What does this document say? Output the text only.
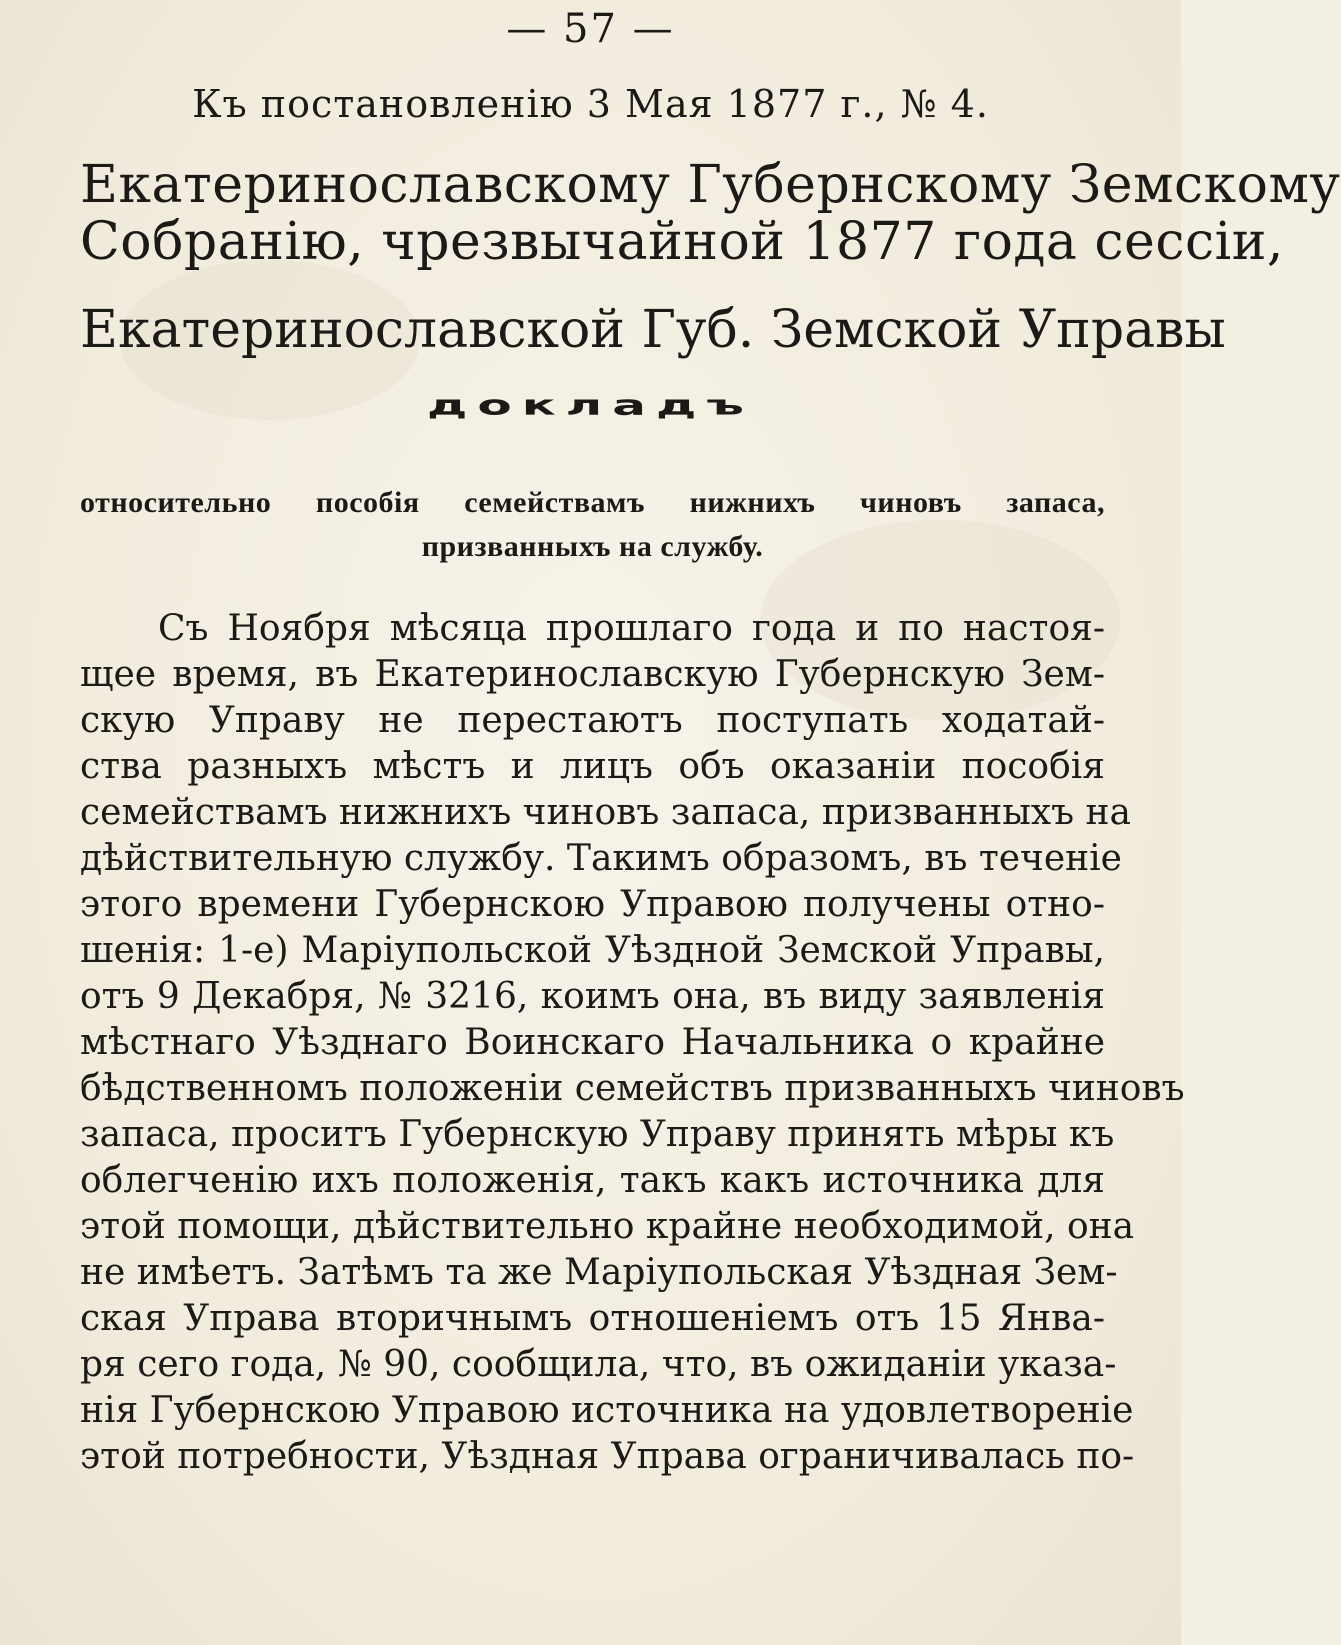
— 57 —
Къ постановленію 3 Мая 1877 г., № 4.
Екатеринославскому Губернскому Земскому
Собранію, чрезвычайной 1877 года сессіи,
Екатеринославской Губ. Земской Управы
докладъ
относительно пособія семействамъ нижнихъ чиновъ запаса,
призванныхъ на службу.
Съ Ноября мѣсяца прошлаго года и по настоя-
щее время, въ Екатеринославскую Губернскую Зем-
скую Управу не перестаютъ поступать ходатай-
ства разныхъ мѣстъ и лицъ объ оказаніи пособія
семействамъ нижнихъ чиновъ запаса, призванныхъ на
дѣйствительную службу. Такимъ образомъ, въ теченіе
этого времени Губернскою Управою получены отно-
шенія: 1-е) Маріупольской Уѣздной Земской Управы,
отъ 9 Декабря, № 3216, коимъ она, въ виду заявленія
мѣстнаго Уѣзднаго Воинскаго Начальника о крайне
бѣдственномъ положеніи семействъ призванныхъ чиновъ
запаса, проситъ Губернскую Управу принять мѣры къ
облегченію ихъ положенія, такъ какъ источника для
этой помощи, дѣйствительно крайне необходимой, она
не имѣетъ. Затѣмъ та же Маріупольская Уѣздная Зем-
ская Управа вторичнымъ отношеніемъ отъ 15 Янва-
ря сего года, № 90, сообщила, что, въ ожиданіи указа-
нія Губернскою Управою источника на удовлетвореніе
этой потребности, Уѣздная Управа ограничивалась по-
